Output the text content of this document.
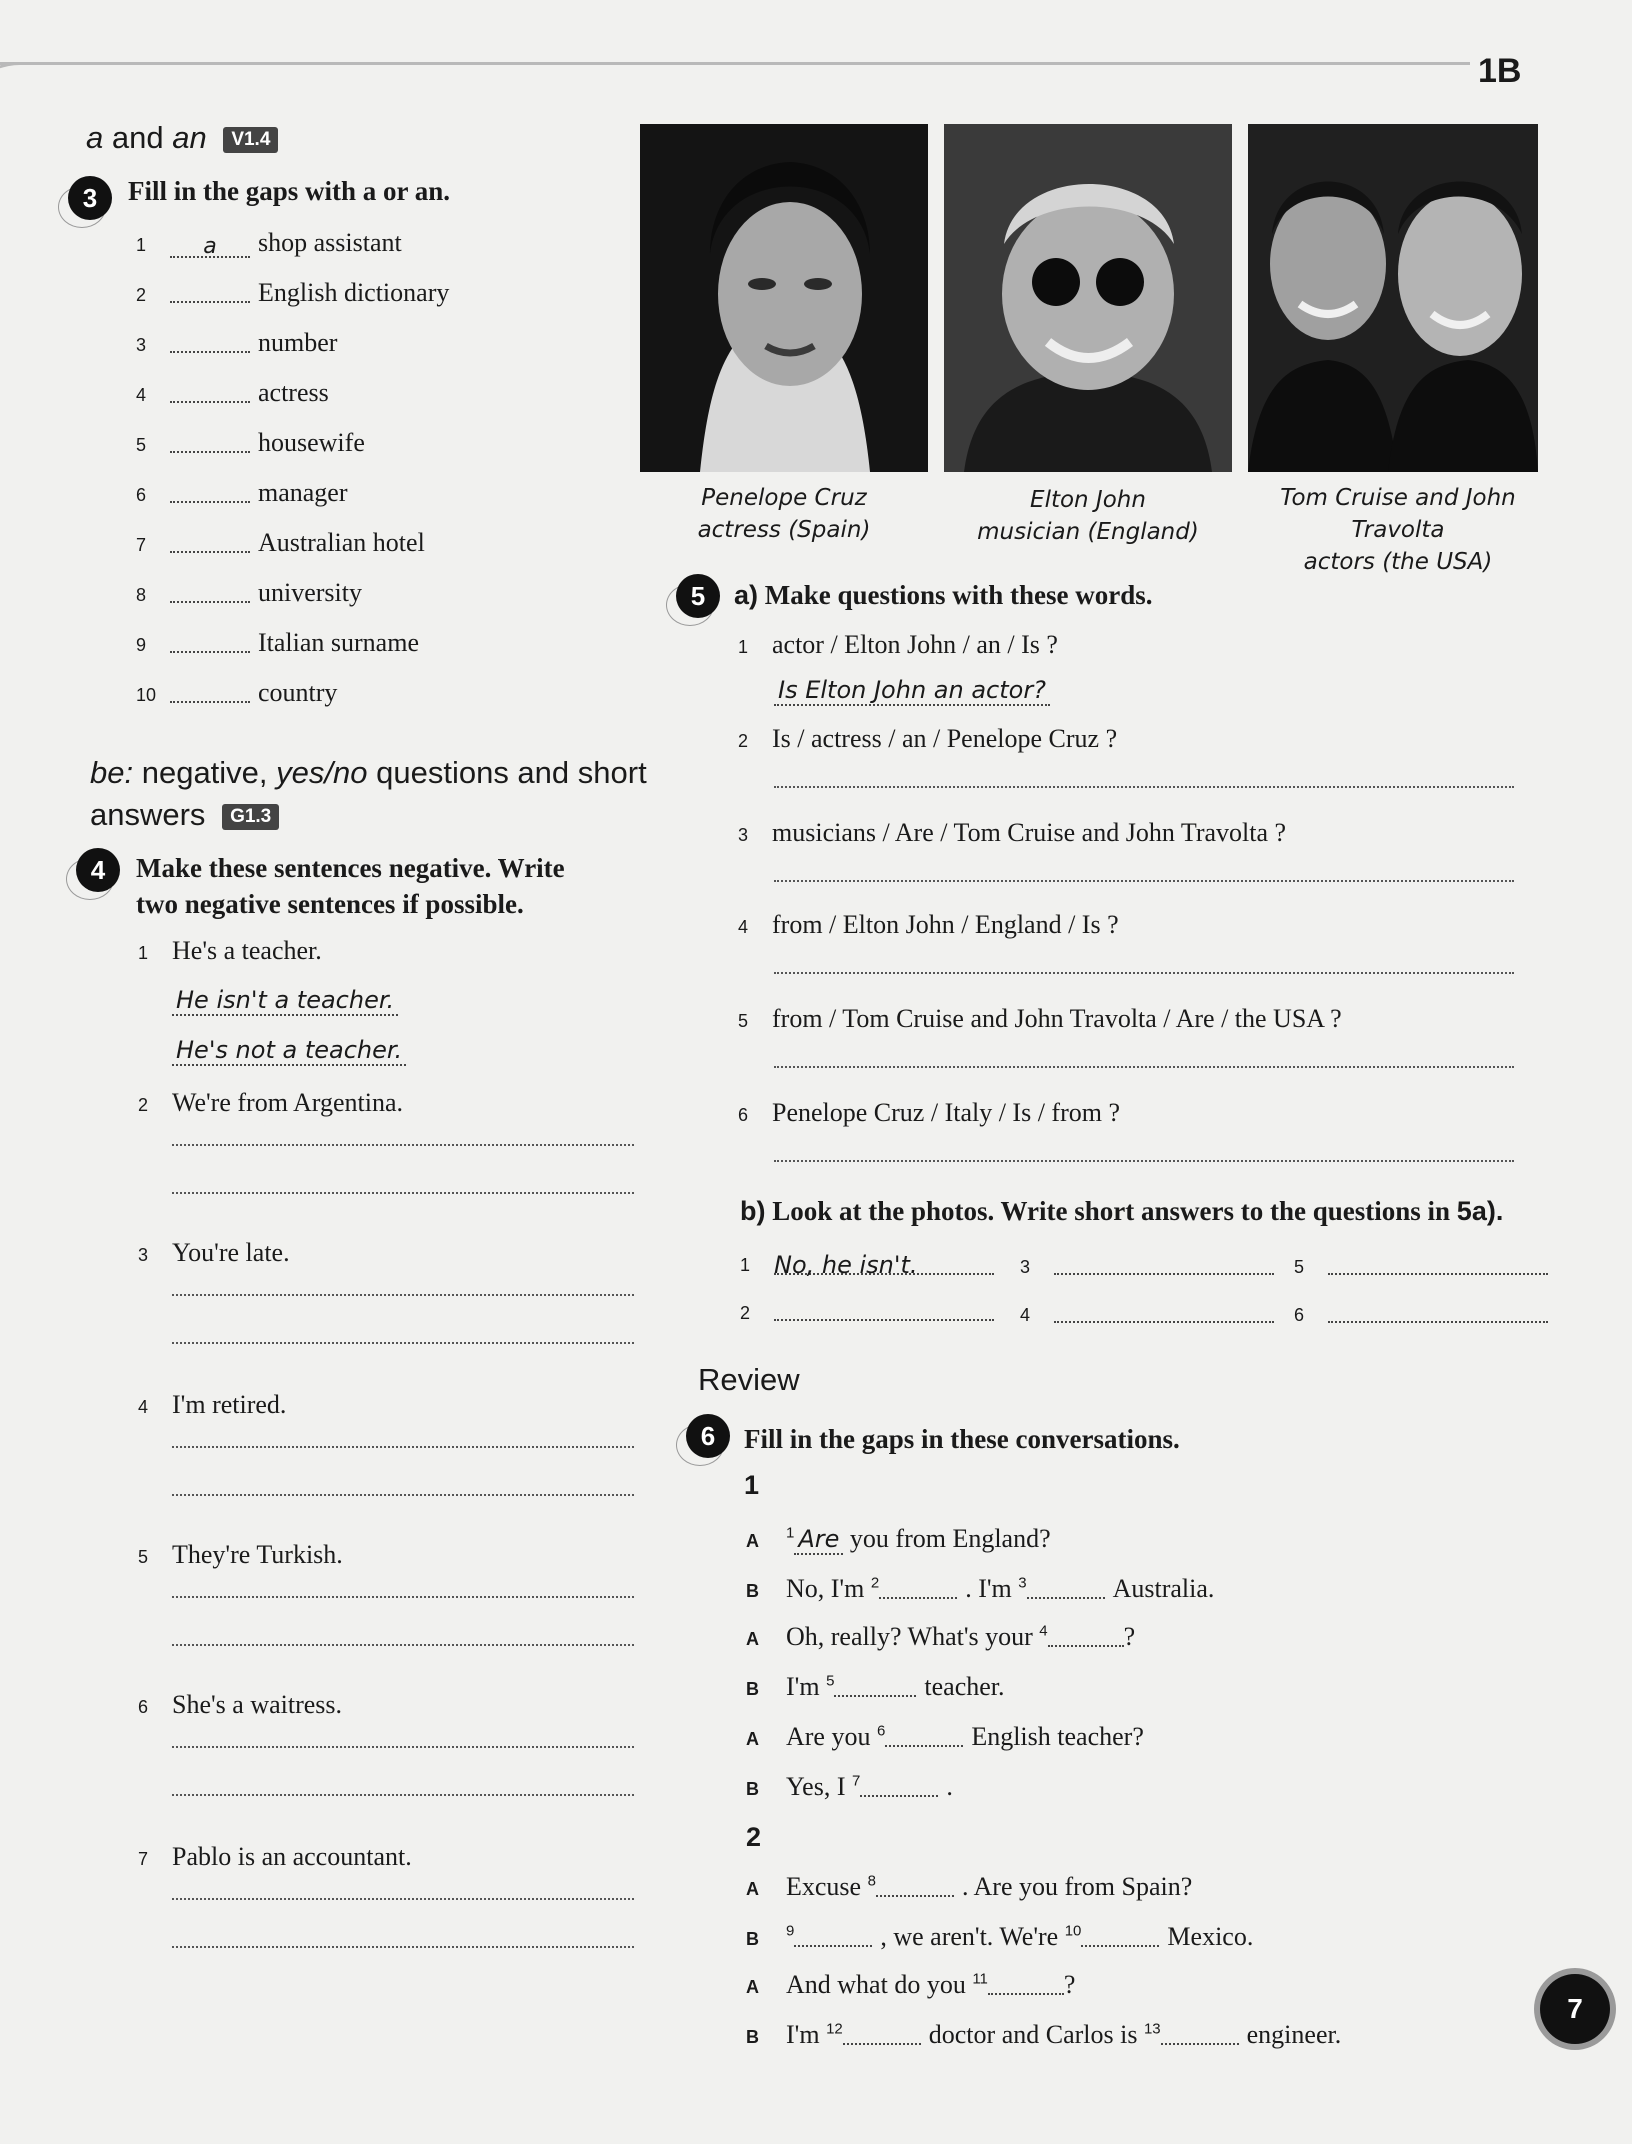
1B
a and an V1.4
3	Fill in the gaps with a or an.
1	a shop assistant
2	English dictionary
3	number
4	actress
5	housewife
6	manager
7	Australian hotel
8	university
9	Italian surname
10	country
be: negative, yes/no questions and short
answers G1.3
4	Make these sentences negative. Write
two negative sentences if possible.
1 He's a teacher.
He isn't a teacher.
He's not a teacher.
2 We're from Argentina.
3 You're late.
4 I'm retired.
5 They're Turkish.
6 She's a waitress.
7 Pablo is an accountant.
Penelope Cruz
actress (Spain)
Elton John
musician (England)
Tom Cruise and John Travolta
actors (the USA)
5	a) Make questions with these words.
1 actor / Elton John / an / Is ?
Is Elton John an actor?
2 Is / actress / an / Penelope Cruz ?
3 musicians / Are / Tom Cruise and John Travolta ?
4 from / Elton John / England / Is ?
5 from / Tom Cruise and John Travolta / Are / the USA ?
6 Penelope Cruz / Italy / Is / from ?
b) Look at the photos. Write short answers to the questions in 5a).
1 No, he isn't.
2
3
4
5
6
Review
6	Fill in the gaps in these conversations.
1
A $^1$ Are you from England?
B No, I'm $^2$	. I'm $^3$	Australia.
A Oh, really? What's your $^4$	?
B I'm $^5$	teacher.
A Are you $^6$	English teacher?
B Yes, I $^7$	.
2
A Excuse $^8$	. Are you from Spain?
B $^9$	, we aren't. We're $^{10}$	Mexico.
A And what do you $^{11}$	?
B I'm $^{12}$	doctor and Carlos is $^{13}$	engineer.
7
